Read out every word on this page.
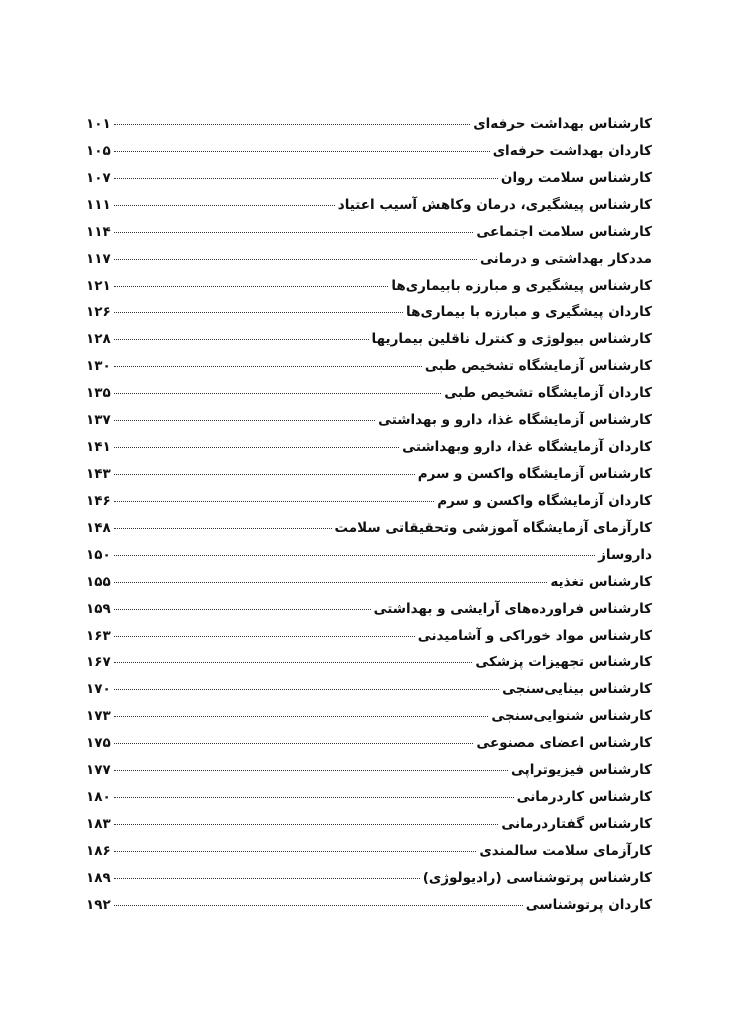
کارشناس بهداشت حرفه‌ای
۱۰۱
کاردان بهداشت حرفه‌ای
۱۰۵
کارشناس سلامت روان
۱۰۷
کارشناس پیشگیری، درمان وکاهش آسیب اعتیاد
۱۱۱
کارشناس سلامت اجتماعی
۱۱۴
مددکار بهداشتی و درمانی
۱۱۷
کارشناس پیشگیری و مبارزه بابیماری‌ها
۱۲۱
کاردان پیشگیری و مبارزه با بیماری‌ها
۱۲۶
کارشناس بیولوژی و کنترل ناقلین بیماریها
۱۲۸
کارشناس آزمایشگاه تشخیص طبی
۱۳۰
کاردان آزمایشگاه تشخیص طبی
۱۳۵
کارشناس آزمایشگاه غذا، دارو و بهداشتی
۱۳۷
کاردان آزمایشگاه غذا، دارو وبهداشتی
۱۴۱
کارشناس آزمایشگاه واکسن و سرم
۱۴۳
کاردان آزمایشگاه واکسن و سرم
۱۴۶
کارآزمای آزمایشگاه آموزشی وتحقیقاتی سلامت
۱۴۸
داروساز
۱۵۰
کارشناس تغذیه
۱۵۵
کارشناس فراورده‌های آرایشی و بهداشتی
۱۵۹
کارشناس مواد خوراکی و آشامیدنی
۱۶۳
کارشناس تجهیزات پزشکی
۱۶۷
کارشناس بینایی‌سنجی
۱۷۰
کارشناس شنوایی‌سنجی
۱۷۳
کارشناس اعضای مصنوعی
۱۷۵
کارشناس فیزیوتراپی
۱۷۷
کارشناس کاردرمانی
۱۸۰
کارشناس گفتاردرمانی
۱۸۳
کارآزمای سلامت سالمندی
۱۸۶
کارشناس پرتوشناسی (رادیولوژی)
۱۸۹
کاردان پرتوشناسی
۱۹۲
